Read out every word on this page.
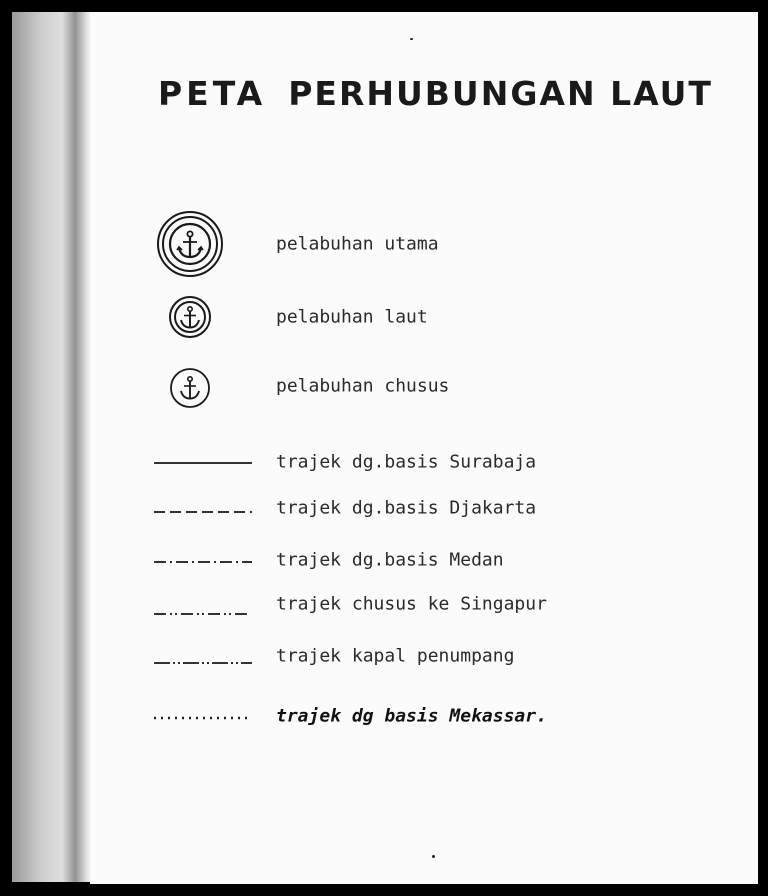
PETA PERHUBUNGAN LAUT
pelabuhan utama
pelabuhan laut
pelabuhan chusus
trajek dg.basis Surabaja
trajek dg.basis Djakarta
trajek dg.basis Medan
trajek chusus ke Singapur
trajek kapal penumpang
trajek dg basis Mekassar.
